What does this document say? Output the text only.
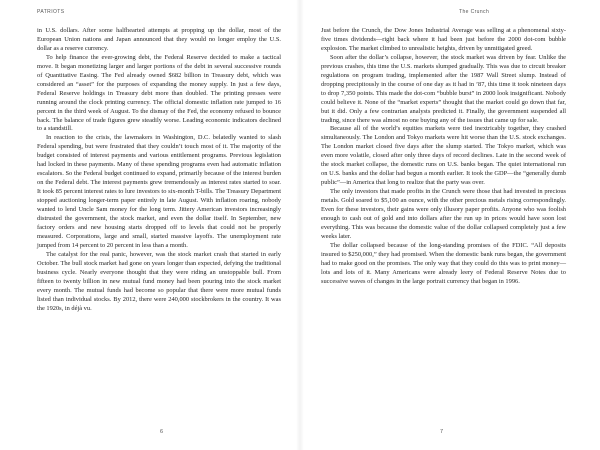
PATRIOTS

in U.S. dollars. After some halfhearted attempts at propping up the dollar, most of the European Union nations and Japan announced that they would no longer employ the U.S. dollar as a reserve currency.

To help finance the ever-growing debt, the Federal Reserve decided to make a tactical move. It began monetizing larger and larger portions of the debt in several successive rounds of Quantitative Easing. The Fed already owned $682 billion in Treasury debt, which was considered an “asset” for the purposes of expanding the money supply. In just a few days, Federal Reserve holdings in Treasury debt more than doubled. The printing presses were running around the clock printing currency. The official domestic inflation rate jumped to 16 percent in the third week of August. To the dismay of the Fed, the economy refused to bounce back. The balance of trade figures grew steadily worse. Leading economic indicators declined to a standstill.

In reaction to the crisis, the lawmakers in Washington, D.C. belatedly wanted to slash Federal spending, but were frustrated that they couldn’t touch most of it. The majority of the budget consisted of interest payments and various entitlement programs. Previous legislation had locked in these payments. Many of these spending programs even had automatic inflation escalators. So the Federal budget continued to expand, primarily because of the interest burden on the Federal debt. The interest payments grew tremendously as interest rates started to soar. It took 85 percent interest rates to lure investors to six-month T-bills. The Treasury Department stopped auctioning longer-term paper entirely in late August. With inflation roaring, nobody wanted to lend Uncle Sam money for the long term. Jittery American investors increasingly distrusted the government, the stock market, and even the dollar itself. In September, new factory orders and new housing starts dropped off to levels that could not be properly measured. Corporations, large and small, started massive layoffs. The unemployment rate jumped from 14 percent to 20 percent in less than a month.

The catalyst for the real panic, however, was the stock market crash that started in early October. The bull stock market had gone on years longer than expected, defying the traditional business cycle. Nearly everyone thought that they were riding an unstoppable bull. From fifteen to twenty billion in new mutual fund money had been pouring into the stock market every month. The mutual funds had become so popular that there were more mutual funds listed than individual stocks. By 2012, there were 240,000 stockbrokers in the country. It was the 1920s, in déjà vu.

6
The Crunch

Just before the Crunch, the Dow Jones Industrial Average was selling at a phenomenal sixty-five times dividends—right back where it had been just before the 2000 dot-com bubble explosion. The market climbed to unrealistic heights, driven by unmitigated greed.

Soon after the dollar’s collapse, however, the stock market was driven by fear. Unlike the previous crashes, this time the U.S. markets slumped gradually. This was due to circuit breaker regulations on program trading, implemented after the 1987 Wall Street slump. Instead of dropping precipitously in the course of one day as it had in ’87, this time it took nineteen days to drop 7,350 points. This made the dot-com “bubble burst” in 2000 look insignificant. Nobody could believe it. None of the “market experts” thought that the market could go down that far, but it did. Only a few contrarian analysts predicted it. Finally, the government suspended all trading, since there was almost no one buying any of the issues that came up for sale.

Because all of the world’s equities markets were tied inextricably together, they crashed simultaneously. The London and Tokyo markets were hit worse than the U.S. stock exchanges. The London market closed five days after the slump started. The Tokyo market, which was even more volatile, closed after only three days of record declines. Late in the second week of the stock market collapse, the domestic runs on U.S. banks began. The quiet international run on U.S. banks and the dollar had begun a month earlier. It took the GDP—the “generally dumb public”—in America that long to realize that the party was over.

The only investors that made profits in the Crunch were those that had invested in precious metals. Gold soared to $5,100 an ounce, with the other precious metals rising correspondingly. Even for these investors, their gains were only illusory paper profits. Anyone who was foolish enough to cash out of gold and into dollars after the run up in prices would have soon lost everything. This was because the domestic value of the dollar collapsed completely just a few weeks later.

The dollar collapsed because of the long-standing promises of the FDIC. “All deposits insured to $250,000,” they had promised. When the domestic bank runs began, the government had to make good on the promises. The only way that they could do this was to print money—lots and lots of it. Many Americans were already leery of Federal Reserve Notes due to successive waves of changes in the large portrait currency that began in 1996.

7
